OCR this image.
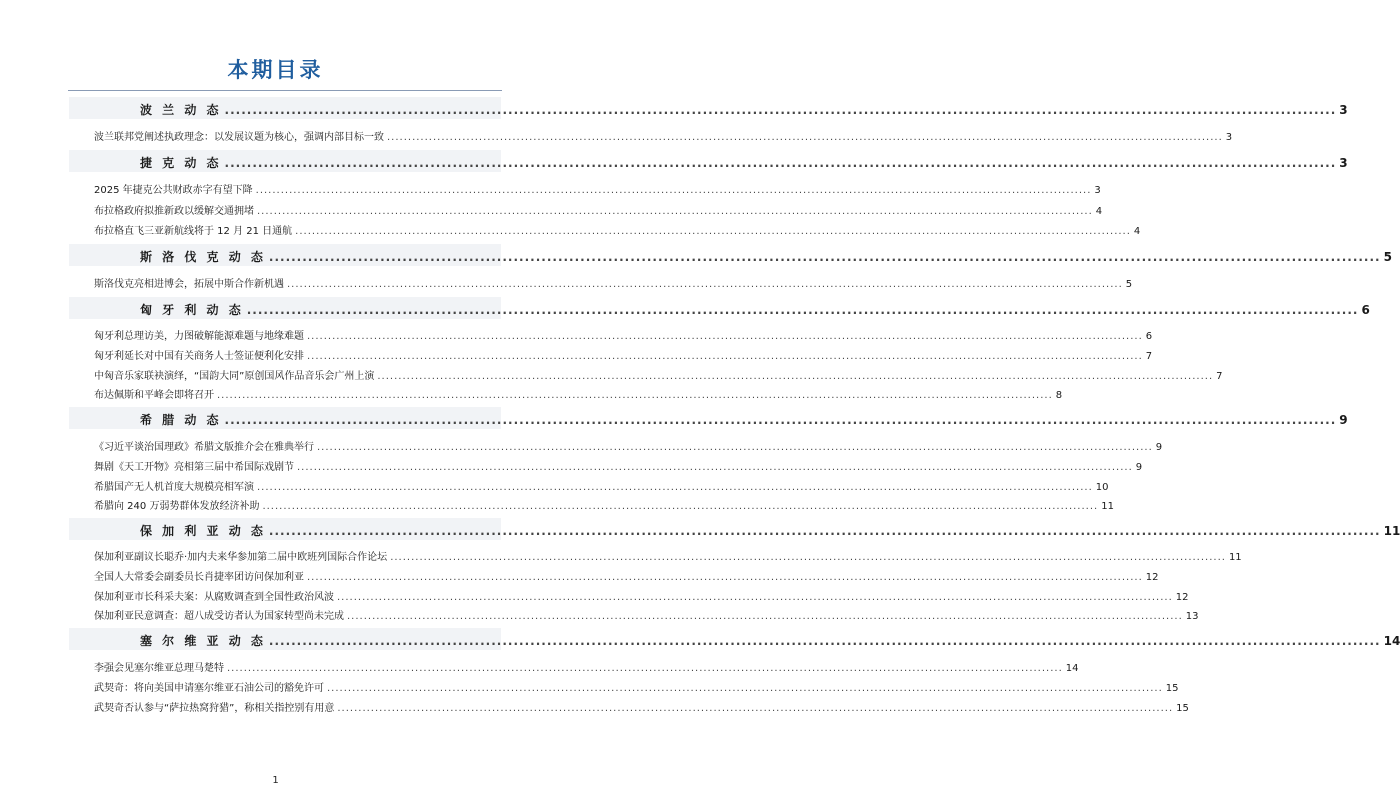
本期目录
波 兰 动 态 .....	3
波兰联邦党阐述执政理念：以发展议题为核心，强调内部目标一致 .....	3
捷 克 动 态 .....	3
2025 年捷克公共财政赤字有望下降 .....	3
布拉格政府拟推新政以缓解交通拥堵 .....	4
布拉格直飞三亚新航线将于 12 月 21 日通航 .....	4
斯 洛 伐 克 动 态 .....	5
斯洛伐克亮相进博会，拓展中斯合作新机遇 .....	5
匈 牙 利 动 态 .....	6
匈牙利总理访美，力图破解能源难题与地缘难题 .....	6
匈牙利延长对中国有关商务人士签证便利化安排 .....	7
中匈音乐家联袂演绎，“国韵大同”原创国风作品音乐会广州上演 .....	7
布达佩斯和平峰会即将召开 .....	8
希 腊 动 态 .....	9
《习近平谈治国理政》希腊文版推介会在雅典举行 .....	9
舞剧《天工开物》亮相第三届中希国际戏剧节 .....	9
希腊国产无人机首度大规模亮相军演 .....	10
希腊向 240 万弱势群体发放经济补助 .....	11
保 加 利 亚 动 态 .....	11
保加利亚副议长聪乔·加内夫来华参加第二届中欧班列国际合作论坛 .....	11
全国人大常委会副委员长肖捷率团访问保加利亚 .....	12
保加利亚市长科采夫案：从腐败调查到全国性政治风波 .....	12
保加利亚民意调查：超八成受访者认为国家转型尚未完成 .....	13
塞 尔 维 亚 动 态 .....	14
李强会见塞尔维亚总理马楚特 .....	14
武契奇：将向美国申请塞尔维亚石油公司的豁免许可 .....	15
武契奇否认参与“萨拉热窝狩猎”，称相关指控别有用意 .....	15
1
